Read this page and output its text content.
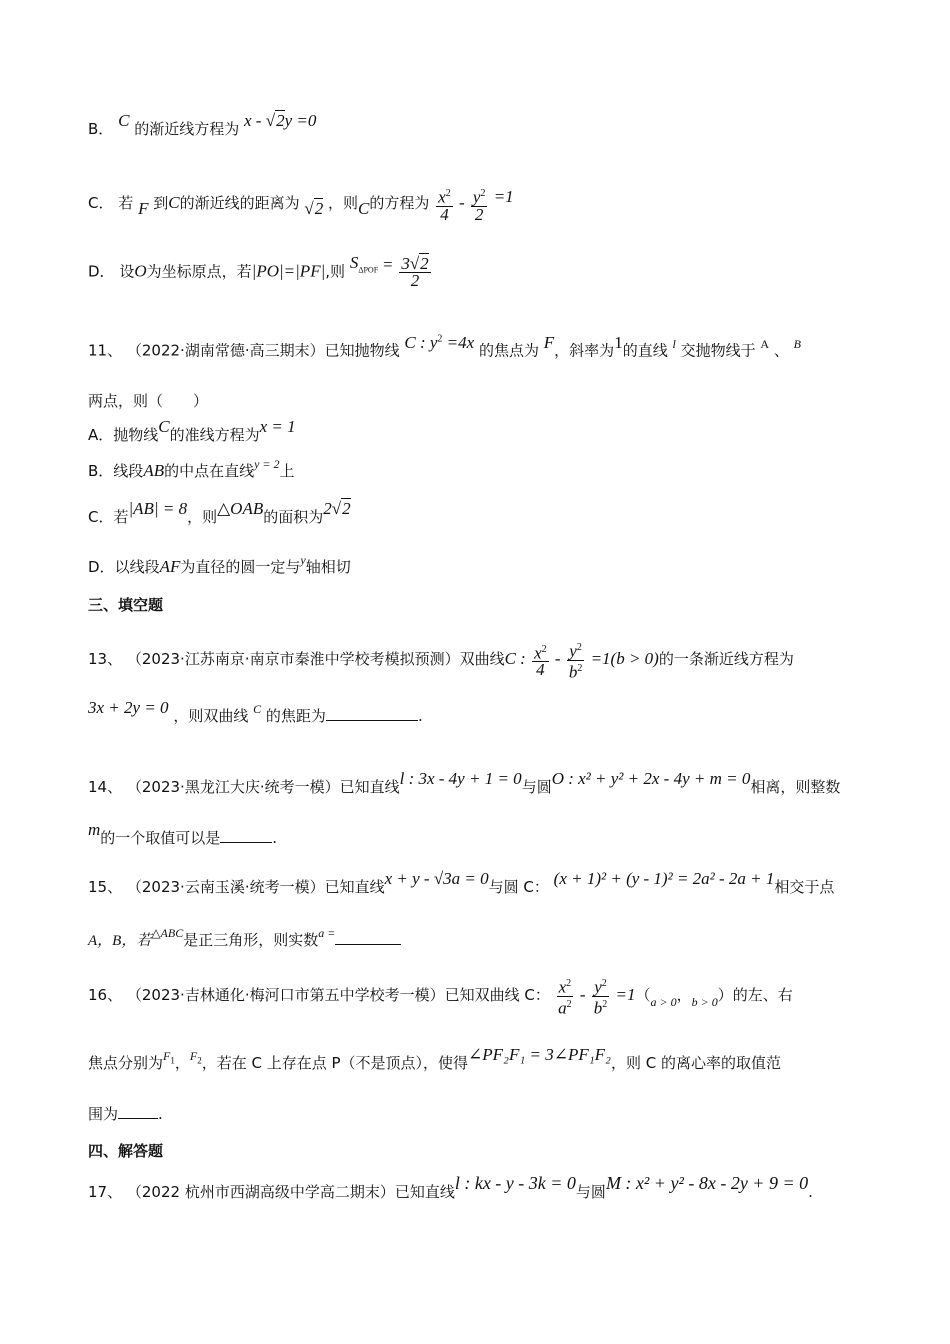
B． C 的渐近线方程为 x - √2y =0
C． 若 F 到C的渐近线的距离为 √2 ，则C的方程为 $\frac{x^2}{4} - \frac{y^2}{2} =1$
D． 设O为坐标原点，若|PO|=|PF|,则 $S_{\Delta POF} = \frac{3√2}{2}$
11、 （2022·湖南常德·高三期末）已知抛物线 C : $y^2 =4x$ 的焦点为 F，斜率为1的直线 $^l$ 交抛物线于 $^A$ 、 $^B$
两点，则（　　）
A．抛物线C的准线方程为x = 1
B．线段AB的中点在直线$^{y = 2}$上
C．若|AB| = 8，则△OAB的面积为2√2
D．以线段AF为直径的圆一定与$^y$轴相切
三、填空题
13、 （2023·江苏南京·南京市秦淮中学校考模拟预测）双曲线C : $\frac{x^2}{4} - \frac{y^2}{b^2} =1(b > 0)$的一条渐近线方程为
3x + 2y = 0 ，则双曲线 $^C$ 的焦距为	.
14、 （2023·黑龙江大庆·统考一模）已知直线l : 3x - 4y + 1 = 0与圆O : x² + y² + 2x - 4y + m = 0相离，则整数
m的一个取值可以是	.
15、 （2023·云南玉溪·统考一模）已知直线x + y - √3a = 0与圆 C： (x + 1)² + (y - 1)² = 2a² - 2a + 1相交于点
A，B，若$^{\triangle ABC}$是正三角形，则实数$^{a =}$
16、 （2023·吉林通化·梅河口市第五中学校考一模）已知双曲线 C： $\frac{x^2}{a^2} - \frac{y^2}{b^2} =1(_{a > 0}$，$_{b > 0}$）的左、右
焦点分别为$^{F_1}$，$^{F_2}$，若在 C 上存在点 P（不是顶点），使得∠PF₂F₁ = 3∠PF₁F₂，则 C 的离心率的取值范
围为	.
四、解答题
17、 （2022 杭州市西湖高级中学高二期末）已知直线l : kx - y - 3k = 0与圆M : x² + y² - 8x - 2y + 9 = 0.
